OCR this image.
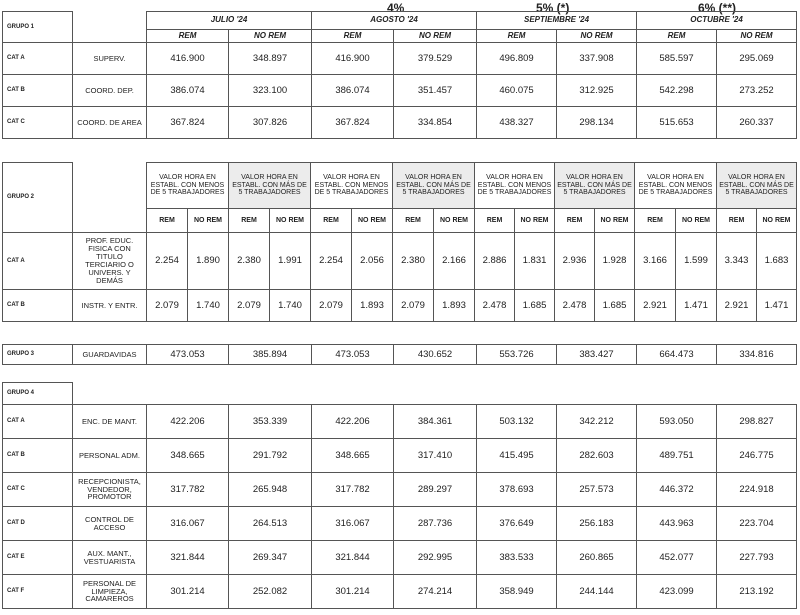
4%	5% (*)	6% (**)
GRUPO 1		JULIO '24		AGOSTO '24		SEPTIEMBRE '24		OCTUBRE '24	
		REM	NO REM	REM	NO REM	REM	NO REM	REM	NO REM
CAT A	SUPERV.	416.900	348.897	416.900	379.529	496.809	337.908	585.597	295.069
CAT B	COORD. DEP.	386.074	323.100	386.074	351.457	460.075	312.925	542.298	273.252
CAT C	COORD. DE AREA	367.824	307.826	367.824	334.854	438.327	298.134	515.653	260.337
GRUPO 2		VALOR HORA EN ESTABL. CON MENOS DE 5 TRABAJADORES		VALOR HORA EN ESTABL. CON MÁS DE 5 TRABAJADORES		VALOR HORA EN ESTABL. CON MENOS DE 5 TRABAJADORES		VALOR HORA EN ESTABL. CON MÁS DE 5 TRABAJADORES		VALOR HORA EN ESTABL. CON MENOS DE 5 TRABAJADORES		VALOR HORA EN ESTABL. CON MÁS DE 5 TRABAJADORES		VALOR HORA EN ESTABL. CON MENOS DE 5 TRABAJADORES		VALOR HORA EN ESTABL. CON MÁS DE 5 TRABAJADORES	
		REM	NO REM	REM	NO REM	REM	NO REM	REM	NO REM	REM	NO REM	REM	NO REM	REM	NO REM	REM	NO REM
CAT A	PROF. EDUC. FISICA CON TITULO TERCIARIO O UNIVERS. Y DEMÁS	2.254	1.890	2.380	1.991	2.254	2.056	2.380	2.166	2.886	1.831	2.936	1.928	3.166	1.599	3.343	1.683
CAT B	INSTR. Y ENTR.	2.079	1.740	2.079	1.740	2.079	1.893	2.079	1.893	2.478	1.685	2.478	1.685	2.921	1.471	2.921	1.471
GRUPO 3	GUARDAVIDAS	473.053	385.894	473.053	430.652	553.726	383.427	664.473	334.816
GRUPO 4									
CAT A	ENC. DE MANT.	422.206	353.339	422.206	384.361	503.132	342.212	593.050	298.827
CAT B	PERSONAL ADM.	348.665	291.792	348.665	317.410	415.495	282.603	489.751	246.775
CAT C	RECEPCIONISTA, VENDEDOR, PROMOTOR	317.782	265.948	317.782	289.297	378.693	257.573	446.372	224.918
CAT D	CONTROL DE ACCESO	316.067	264.513	316.067	287.736	376.649	256.183	443.963	223.704
CAT E	AUX. MANT., VESTUARISTA	321.844	269.347	321.844	292.995	383.533	260.865	452.077	227.793
CAT F	PERSONAL DE LIMPIEZA, CAMAREROS	301.214	252.082	301.214	274.214	358.949	244.144	423.099	213.192
